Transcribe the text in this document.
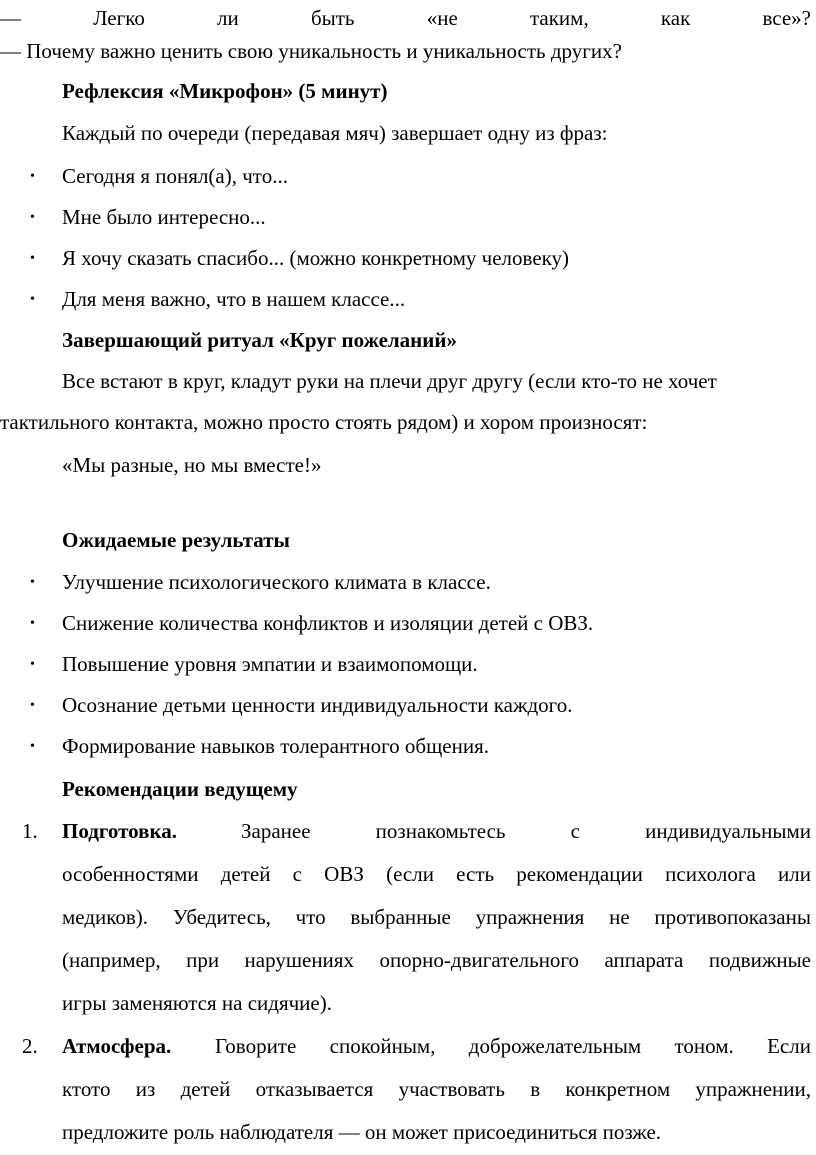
—	Легко	ли	быть	«не	таким,	как	все»?
— Почему важно ценить свою уникальность и уникальность других?
Рефлексия «Микрофон» (5 минут)
Каждый по очереди (передавая мяч) завершает одну из фраз:
• Сегодня я понял(а), что...
• Мне было интересно...
• Я хочу сказать спасибо... (можно конкретному человеку)
• Для меня важно, что в нашем классе...
Завершающий ритуал «Круг пожеланий»
Все встают в круг, кладут руки на плечи друг другу (если кто-то не хочет
тактильного контакта, можно просто стоять рядом) и хором произносят:
«Мы разные, но мы вместе!»
Ожидаемые результаты
• Улучшение психологического климата в классе.
• Снижение количества конфликтов и изоляции детей с ОВЗ.
• Повышение уровня эмпатии и взаимопомощи.
• Осознание детьми ценности индивидуальности каждого.
• Формирование навыков толерантного общения.
Рекомендации ведущему
1. Подготовка.	Заранее	познакомьтесь	с	индивидуальными
особенностями детей с ОВЗ (если есть рекомендации психолога или
медиков). Убедитесь, что выбранные упражнения не противопоказаны
(например, при нарушениях опорно-двигательного аппарата подвижные
игры заменяются на сидячие).
2. Атмосфера. Говорите спокойным, доброжелательным тоном. Если
ктото из детей отказывается участвовать в конкретном упражнении,
предложите роль наблюдателя — он может присоединиться позже.
